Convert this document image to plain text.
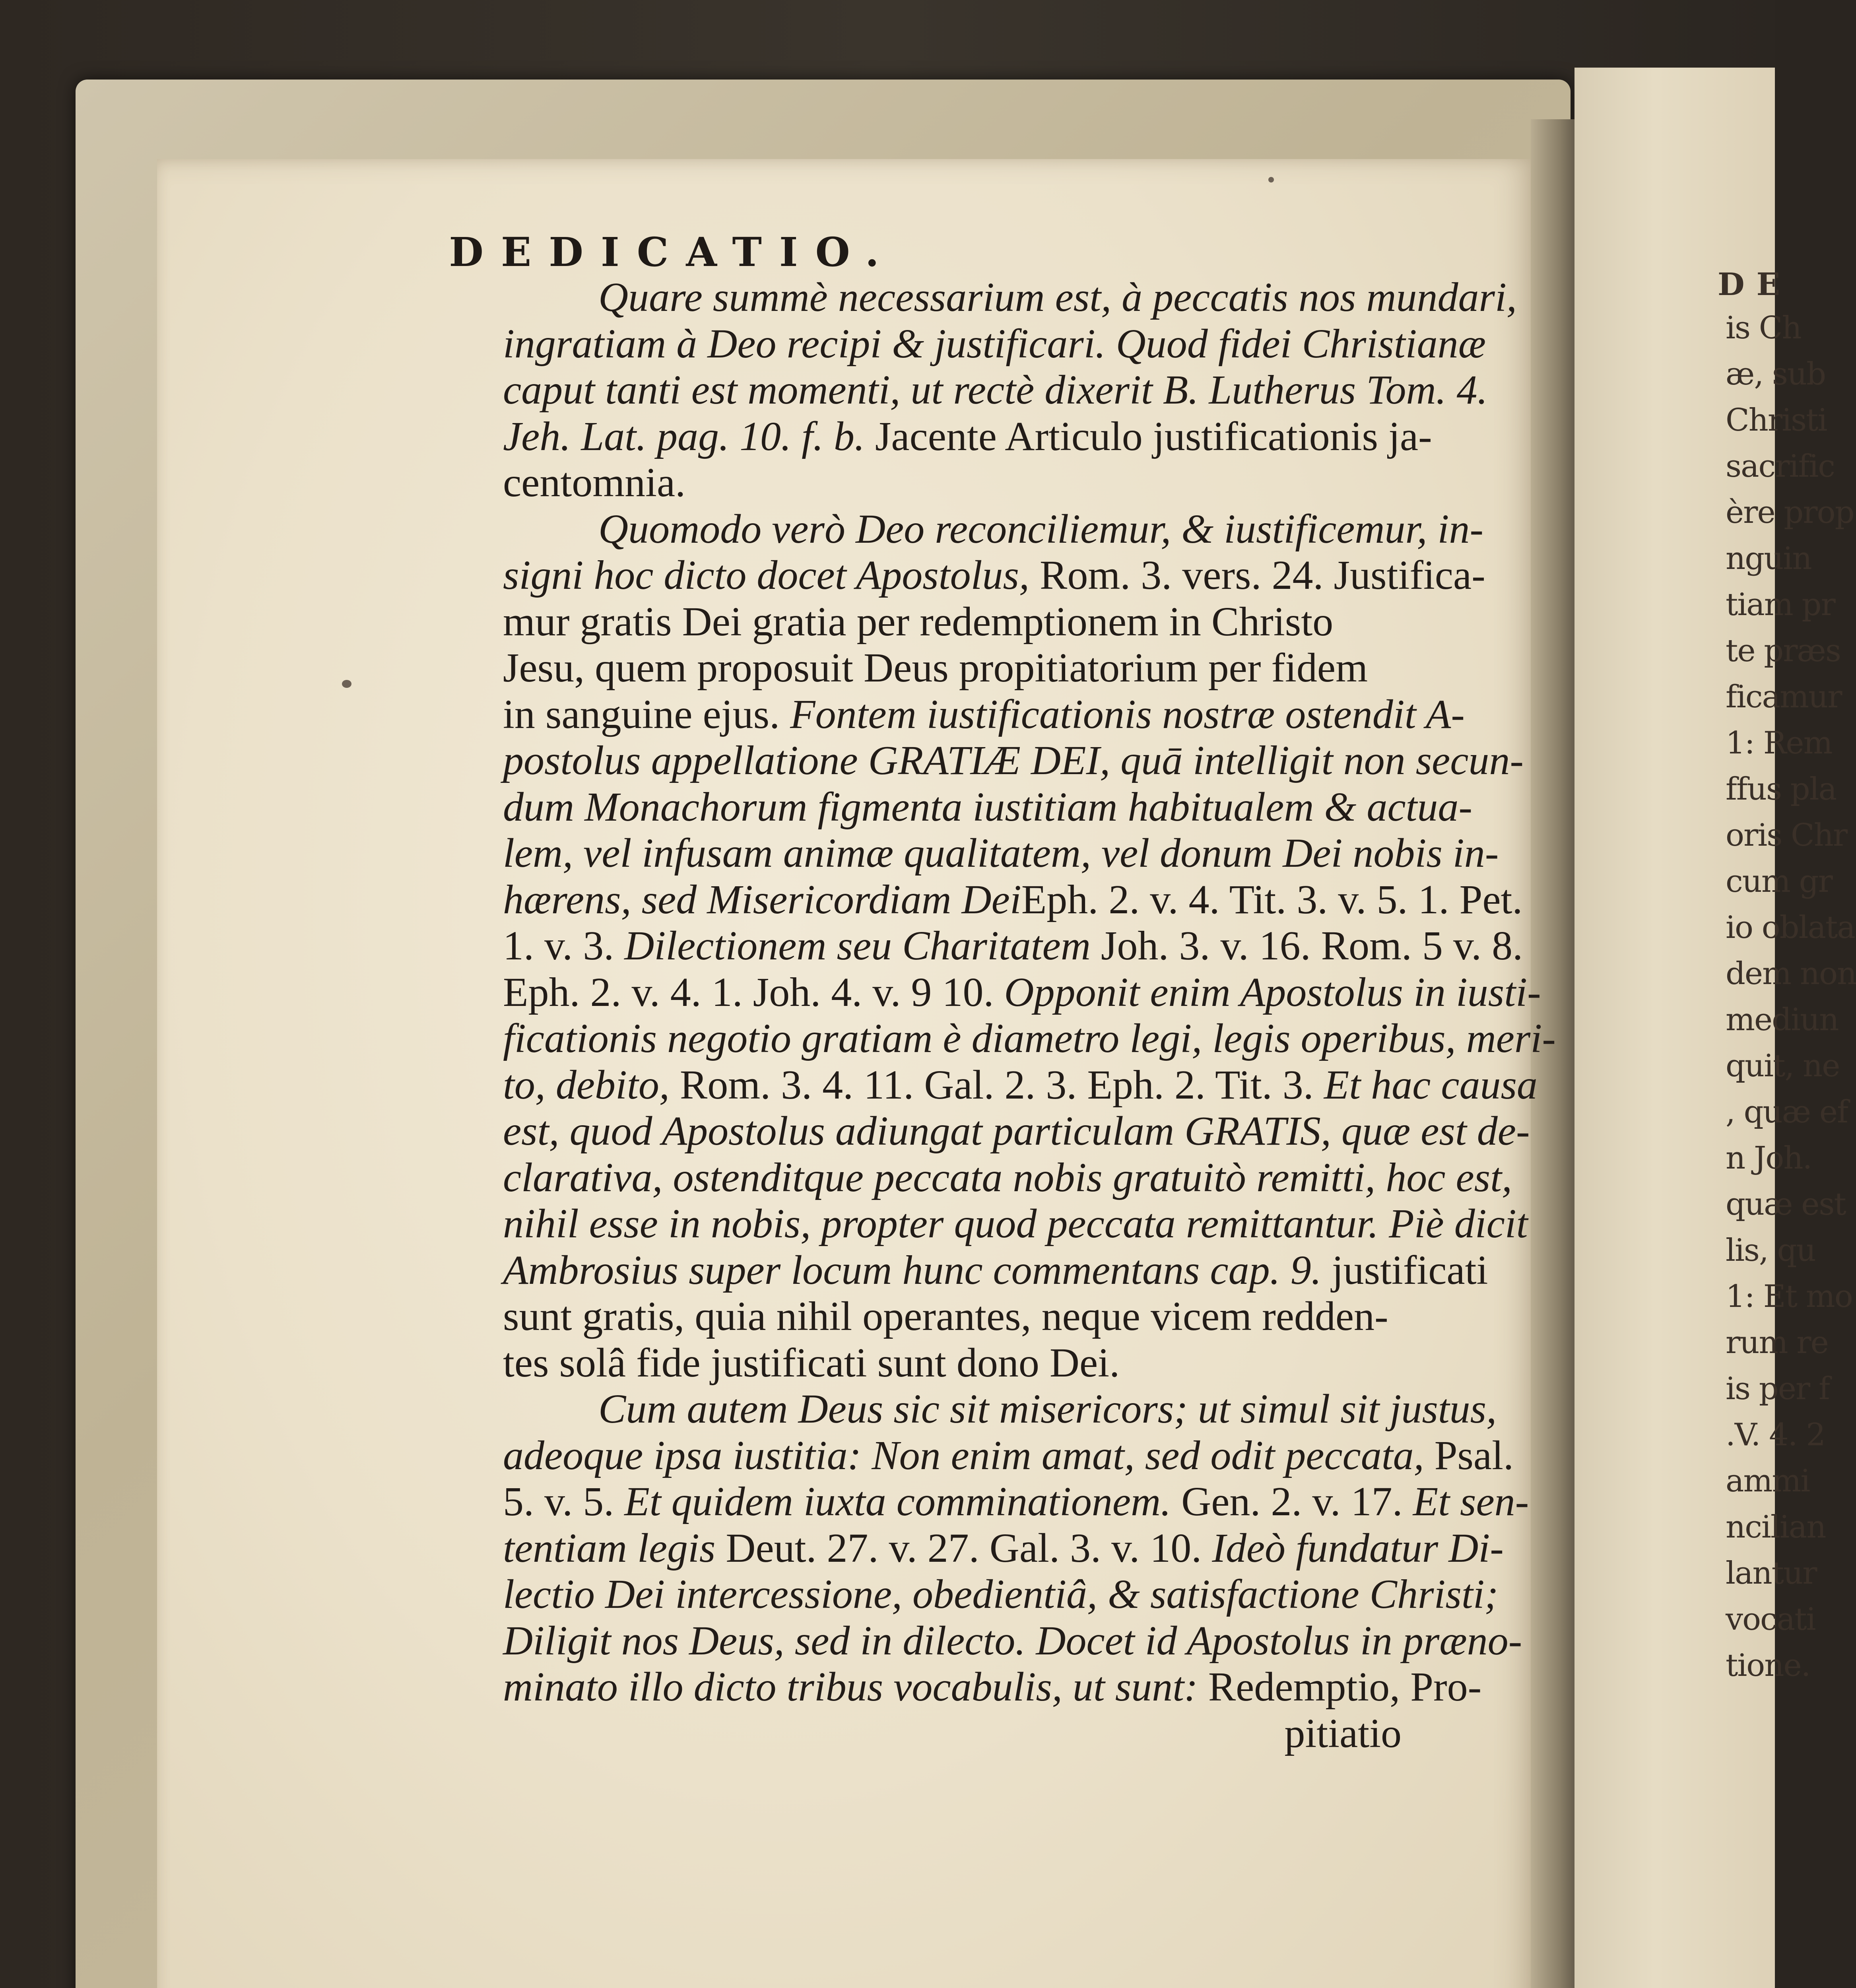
DE
is Ch
æ, sub
Christi
sacrific
ère prop
nguin
tiam pr
te præs
ficamur
1: Rem
ffus pla
oris Chr
cum gr
io oblata
dem non
mediun
quit, ne
, quæ ef
n Joh.
quæ est
lis, qu
1: Et mo
rum re
is per f
.V. 4. 2
ammi
ncilian
lantur
vocati
tione.
DEDICATIO.
Quare summè necessarium est, à peccatis nos mundari,
ingratiam à Deo recipi & justificari. Quod fidei Christianæ
caput tanti est momenti, ut rectè dixerit B. Lutherus Tom. 4.
Jeh. Lat. pag. 10. f. b. Jacente Articulo justificationis ja-
centomnia.
Quomodo verò Deo reconciliemur, & iustificemur, in-
signi hoc dicto docet Apostolus, Rom. 3. vers. 24. Justifica-
mur gratis Dei gratia per redemptionem in Christo
Jesu, quem proposuit Deus propitiatorium per fidem
in sanguine ejus. Fontem iustificationis nostræ ostendit A-
postolus appellatione GRATIÆ DEI, quā intelligit non secun-
dum Monachorum figmenta iustitiam habitualem & actua-
lem, vel infusam animæ qualitatem, vel donum Dei nobis in-
hærens, sed Misericordiam DeiEph. 2. v. 4. Tit. 3. v. 5. 1. Pet.
1. v. 3. Dilectionem seu Charitatem Joh. 3. v. 16. Rom. 5 v. 8.
Eph. 2. v. 4. 1. Joh. 4. v. 9 10. Opponit enim Apostolus in iusti-
ficationis negotio gratiam è diametro legi, legis operibus, meri-
to, debito, Rom. 3. 4. 11. Gal. 2. 3. Eph. 2. Tit. 3. Et hac causa
est, quod Apostolus adiungat particulam GRATIS, quæ est de-
clarativa, ostenditque peccata nobis gratuitò remitti, hoc est,
nihil esse in nobis, propter quod peccata remittantur. Piè dicit
Ambrosius super locum hunc commentans cap. 9. justificati
sunt gratis, quia nihil operantes, neque vicem redden-
tes solâ fide justificati sunt dono Dei.
Cum autem Deus sic sit misericors; ut simul sit justus,
adeoque ipsa iustitia: Non enim amat, sed odit peccata, Psal.
5. v. 5. Et quidem iuxta comminationem. Gen. 2. v. 17. Et sen-
tentiam legis Deut. 27. v. 27. Gal. 3. v. 10. Ideò fundatur Di-
lectio Dei intercessione, obedientiâ, & satisfactione Christi;
Diligit nos Deus, sed in dilecto. Docet id Apostolus in præno-
minato illo dicto tribus vocabulis, ut sunt: Redemptio, Pro-
pitiatio
